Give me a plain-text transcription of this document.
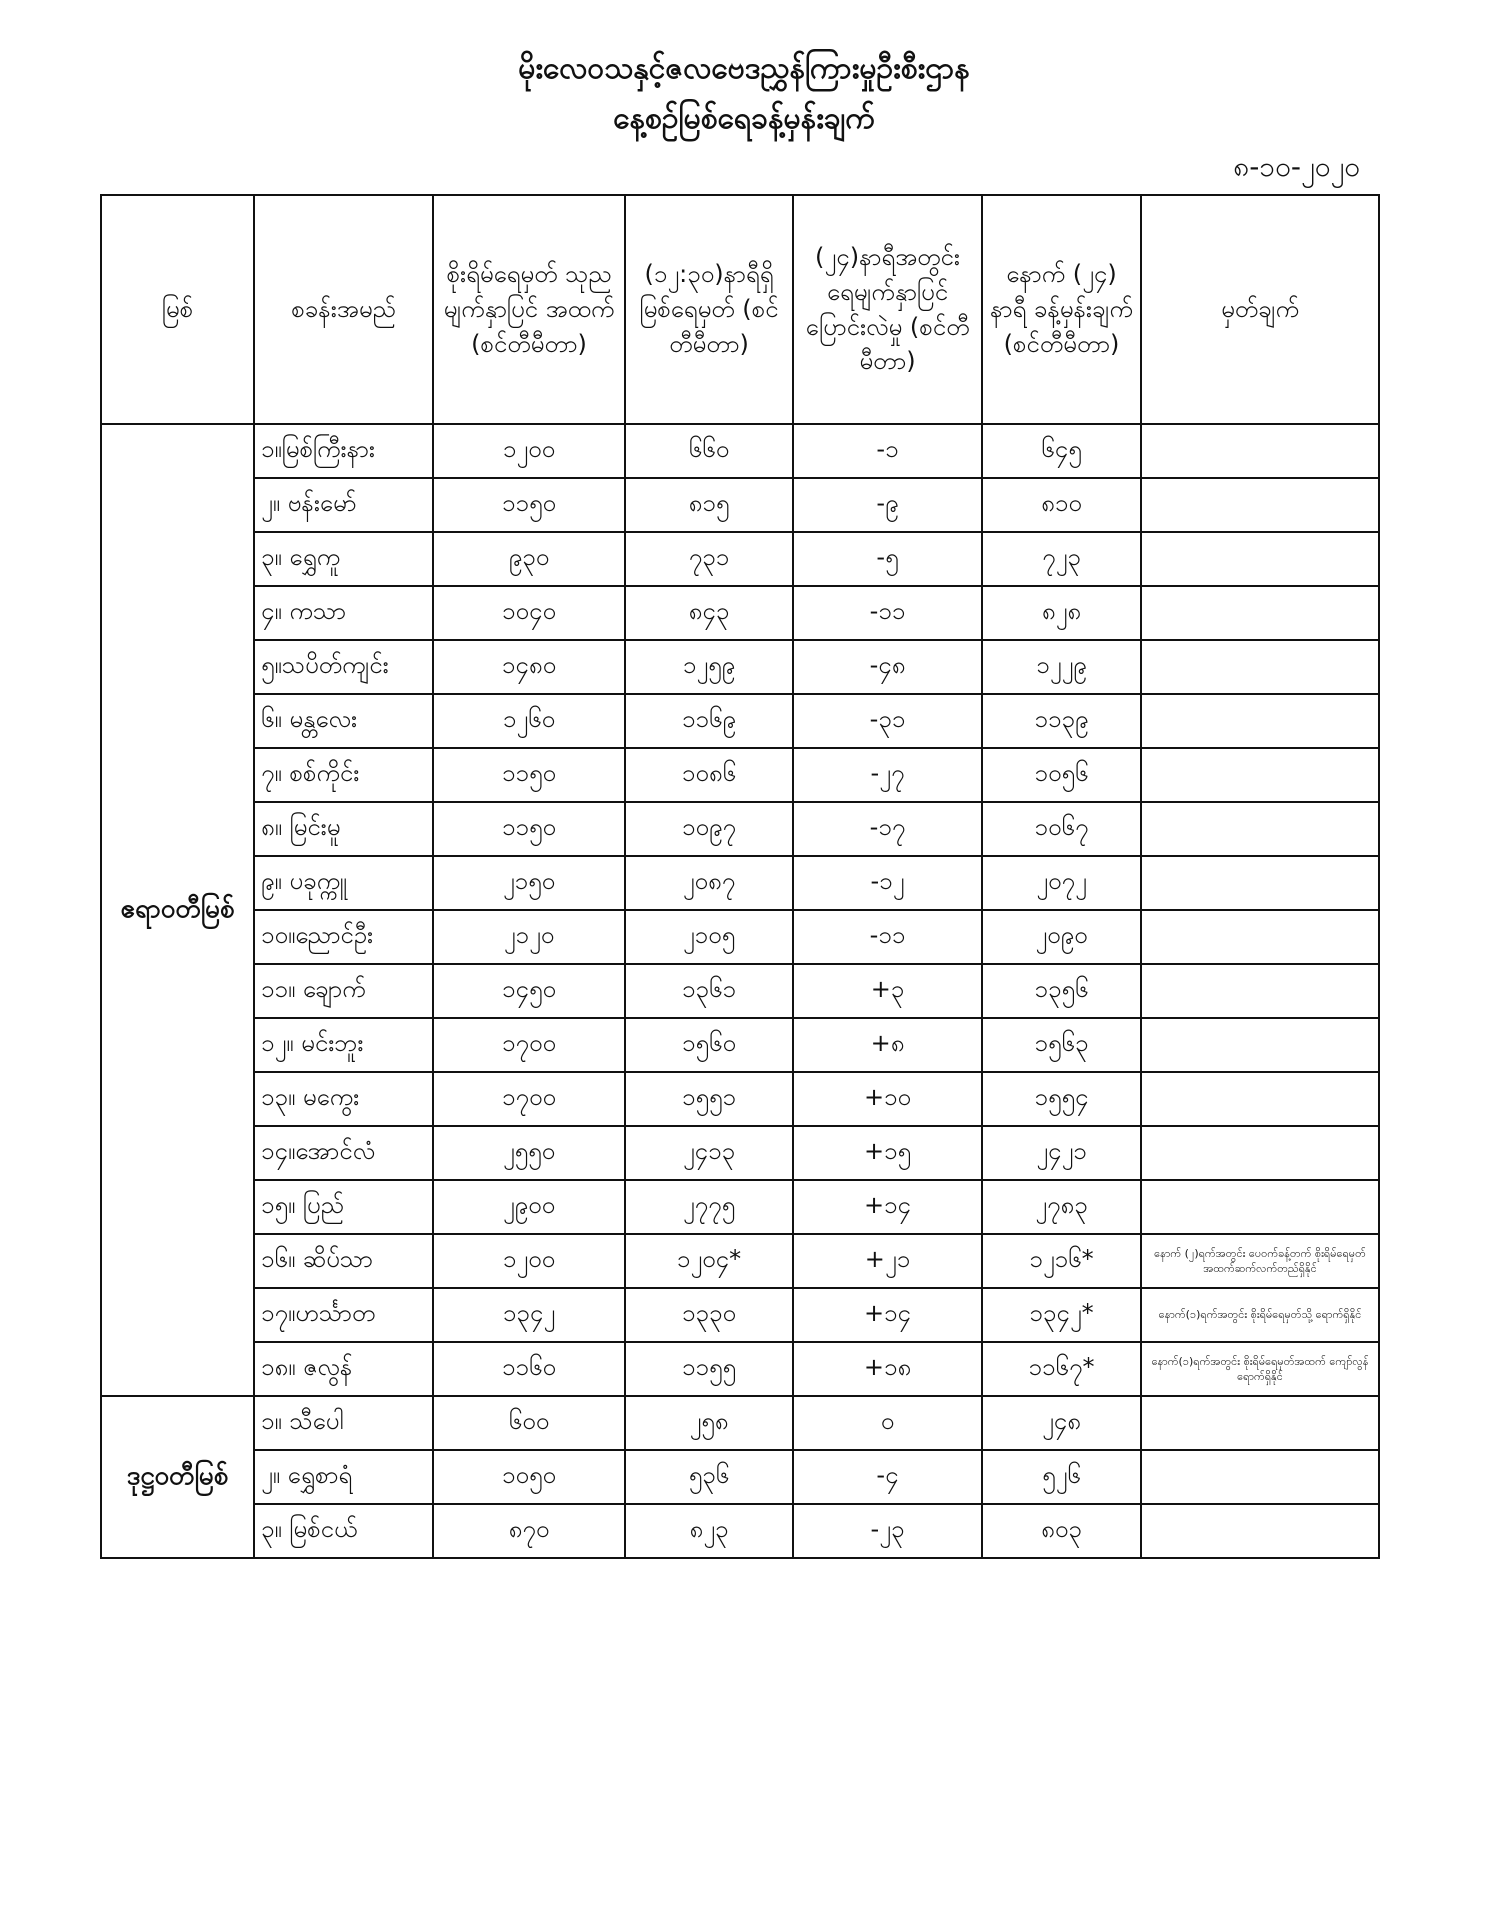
မိုးလေဝသနှင့်ဇလဗေဒညွှန်ကြားမှုဦးစီးဌာန
နေ့စဉ်မြစ်ရေခန့်မှန်းချက်
၈-၁၀-၂၀၂၀
မြစ်	စခန်းအမည်	စိုးရိမ်ရေမှတ် သုညမျက်နှာပြင် အထက် (စင်တီမီတာ)	(၁၂:၃၀)နာရီရှိ မြစ်ရေမှတ် (စင်တီမီတာ)	(၂၄)နာရီအတွင်း ရေမျက်နှာပြင် ပြောင်းလဲမှု (စင်တီမီတာ)	နောက် (၂၄) နာရီ ခန့်မှန်းချက် (စင်တီမီတာ)	မှတ်ချက်
ဧရာဝတီမြစ်	၁။မြစ်ကြီးနား	၁၂၀၀	၆၆၀	-၁	၆၄၅	
	၂။ ဗန်းမော်	၁၁၅၀	၈၁၅	-၉	၈၁၀	
	၃။ ရွှေကူ	၉၃၀	၇၃၁	-၅	၇၂၃	
	၄။ ကသာ	၁၀၄၀	၈၄၃	-၁၁	၈၂၈	
	၅။သပိတ်ကျင်း	၁၄၈၀	၁၂၅၉	-၄၈	၁၂၂၉	
	၆။ မန္တလေး	၁၂၆၀	၁၁၆၉	-၃၁	၁၁၃၉	
	၇။ စစ်ကိုင်း	၁၁၅၀	၁၀၈၆	-၂၇	၁၀၅၆	
	၈။ မြင်းမူ	၁၁၅၀	၁၀၉၇	-၁၇	၁၀၆၇	
	၉။ ပခုက္ကူ	၂၁၅၀	၂၀၈၇	-၁၂	၂၀၇၂	
	၁၀။ညောင်ဦး	၂၁၂၀	၂၁၀၅	-၁၁	၂၀၉၀	
	၁၁။ ချောက်	၁၄၅၀	၁၃၆၁	+၃	၁၃၅၆	
	၁၂။ မင်းဘူး	၁၇၀၀	၁၅၆၀	+၈	၁၅၆၃	
	၁၃။ မကွေး	၁၇၀၀	၁၅၅၁	+၁၀	၁၅၅၄	
	၁၄။အောင်လံ	၂၅၅၀	၂၄၁၃	+၁၅	၂၄၂၁	
	၁၅။ ပြည်	၂၉၀၀	၂၇၇၅	+၁၄	၂၇၈၃	
	၁၆။ ဆိပ်သာ	၁၂၀၀	၁၂၀၄*	+၂၁	၁၂၁၆*	နောက် (၂)ရက်အတွင်း ပေ၀က်ခန့်တက် စိုးရိမ်ရေမှတ်အထက်ဆက်လက်တည်ရှိနိုင်
	၁၇။ဟင်္သာတ	၁၃၄၂	၁၃၃၀	+၁၄	၁၃၄၂*	နောက်(၁)ရက်အတွင်း စိုးရိမ်ရေမှတ်သို့ ရောက်ရှိနိုင်
	၁၈။ ဇလွန်	၁၁၆၀	၁၁၅၅	+၁၈	၁၁၆၇*	နောက်(၁)ရက်အတွင်း စိုးရိမ်ရေမှတ်အထက် ကျော်လွန်ရောက်ရှိနိုင်
ဒုဋ္ဌဝတီမြစ်	၁။ သီပေါ	၆၀၀	၂၅၈	၀	၂၄၈	
	၂။ ရွှေစာရံ	၁၀၅၀	၅၃၆	-၄	၅၂၆	
	၃။ မြစ်ငယ်	၈၇၀	၈၂၃	-၂၃	၈၀၃	
